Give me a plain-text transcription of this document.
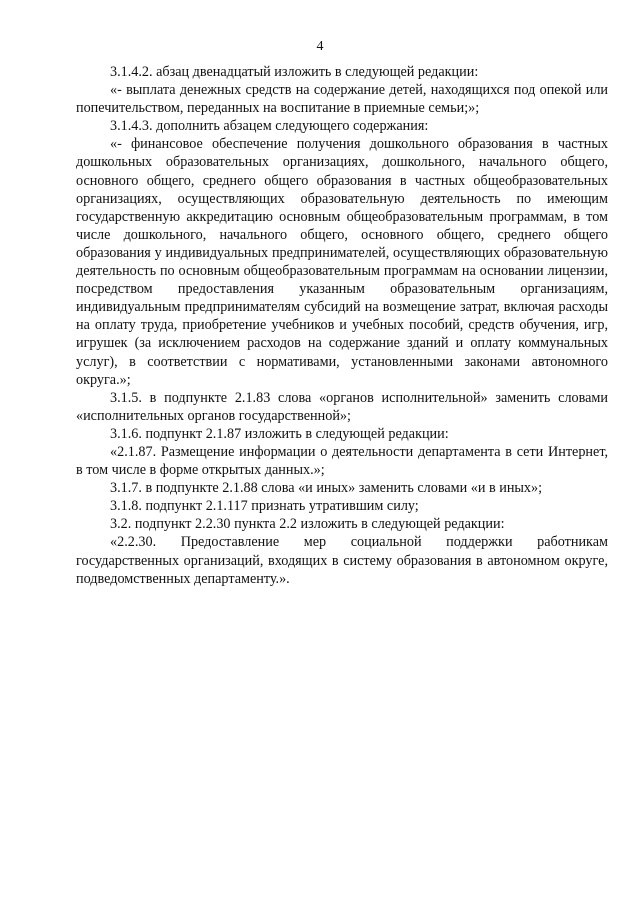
4

3.1.4.2. абзац двенадцатый изложить в следующей редакции:

«- выплата денежных средств на содержание детей, находящихся под опекой или попечительством, переданных на воспитание в приемные семьи;»;

3.1.4.3. дополнить абзацем следующего содержания:

«- финансовое обеспечение получения дошкольного образования в частных дошкольных образовательных организациях, дошкольного, начального общего, основного общего, среднего общего образования в частных общеобразовательных организациях, осуществляющих образовательную деятельность по имеющим государственную аккредитацию основным общеобразовательным программам, в том числе дошкольного, начального общего, основного общего, среднего общего образования у индивидуальных предпринимателей, осуществляющих образовательную деятельность по основным общеобразовательным программам на основании лицензии, посредством предоставления указанным образовательным организациям, индивидуальным предпринимателям субсидий на возмещение затрат, включая расходы на оплату труда, приобретение учебников и учебных пособий, средств обучения, игр, игрушек (за исключением расходов на содержание зданий и оплату коммунальных услуг), в соответствии с нормативами, установленными законами автономного округа.»;

3.1.5. в подпункте 2.1.83 слова «органов исполнительной» заменить словами «исполнительных органов государственной»;

3.1.6. подпункт 2.1.87 изложить в следующей редакции:

«2.1.87. Размещение информации о деятельности департамента в сети Интернет, в том числе в форме открытых данных.»;

3.1.7. в подпункте 2.1.88 слова «и иных» заменить словами «и в иных»;

3.1.8. подпункт 2.1.117 признать утратившим силу;

3.2. подпункт 2.2.30 пункта 2.2 изложить в следующей редакции:

«2.2.30. Предоставление мер социальной поддержки работникам государственных организаций, входящих в систему образования в автономном округе, подведомственных департаменту.».
